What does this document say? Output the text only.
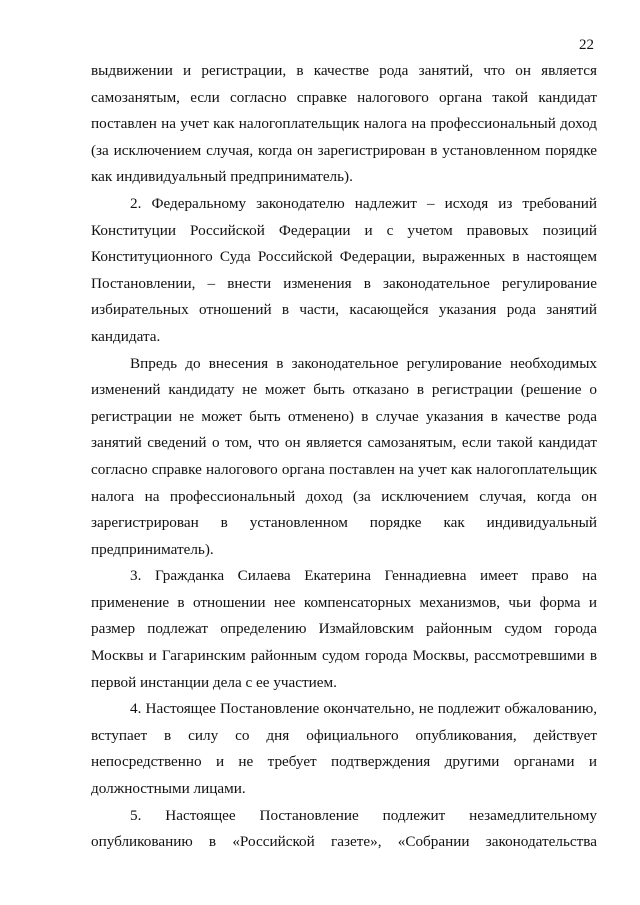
22

выдвижении и регистрации, в качестве рода занятий, что он является самозанятым, если согласно справке налогового органа такой кандидат поставлен на учет как налогоплательщик налога на профессиональный доход (за исключением случая, когда он зарегистрирован в установленном порядке как индивидуальный предприниматель).

2. Федеральному законодателю надлежит – исходя из требований Конституции Российской Федерации и с учетом правовых позиций Конституционного Суда Российской Федерации, выраженных в настоящем Постановлении, – внести изменения в законодательное регулирование избирательных отношений в части, касающейся указания рода занятий кандидата.

Впредь до внесения в законодательное регулирование необходимых изменений кандидату не может быть отказано в регистрации (решение о регистрации не может быть отменено) в случае указания в качестве рода занятий сведений о том, что он является самозанятым, если такой кандидат согласно справке налогового органа поставлен на учет как налогоплательщик налога на профессиональный доход (за исключением случая, когда он зарегистрирован в установленном порядке как индивидуальный предприниматель).

3. Гражданка Силаева Екатерина Геннадиевна имеет право на применение в отношении нее компенсаторных механизмов, чьи форма и размер подлежат определению Измайловским районным судом города Москвы и Гагаринским районным судом города Москвы, рассмотревшими в первой инстанции дела с ее участием.

4. Настоящее Постановление окончательно, не подлежит обжалованию, вступает в силу со дня официального опубликования, действует непосредственно и не требует подтверждения другими органами и должностными лицами.

5. Настоящее Постановление подлежит незамедлительному опубликованию в «Российской газете», «Собрании законодательства
